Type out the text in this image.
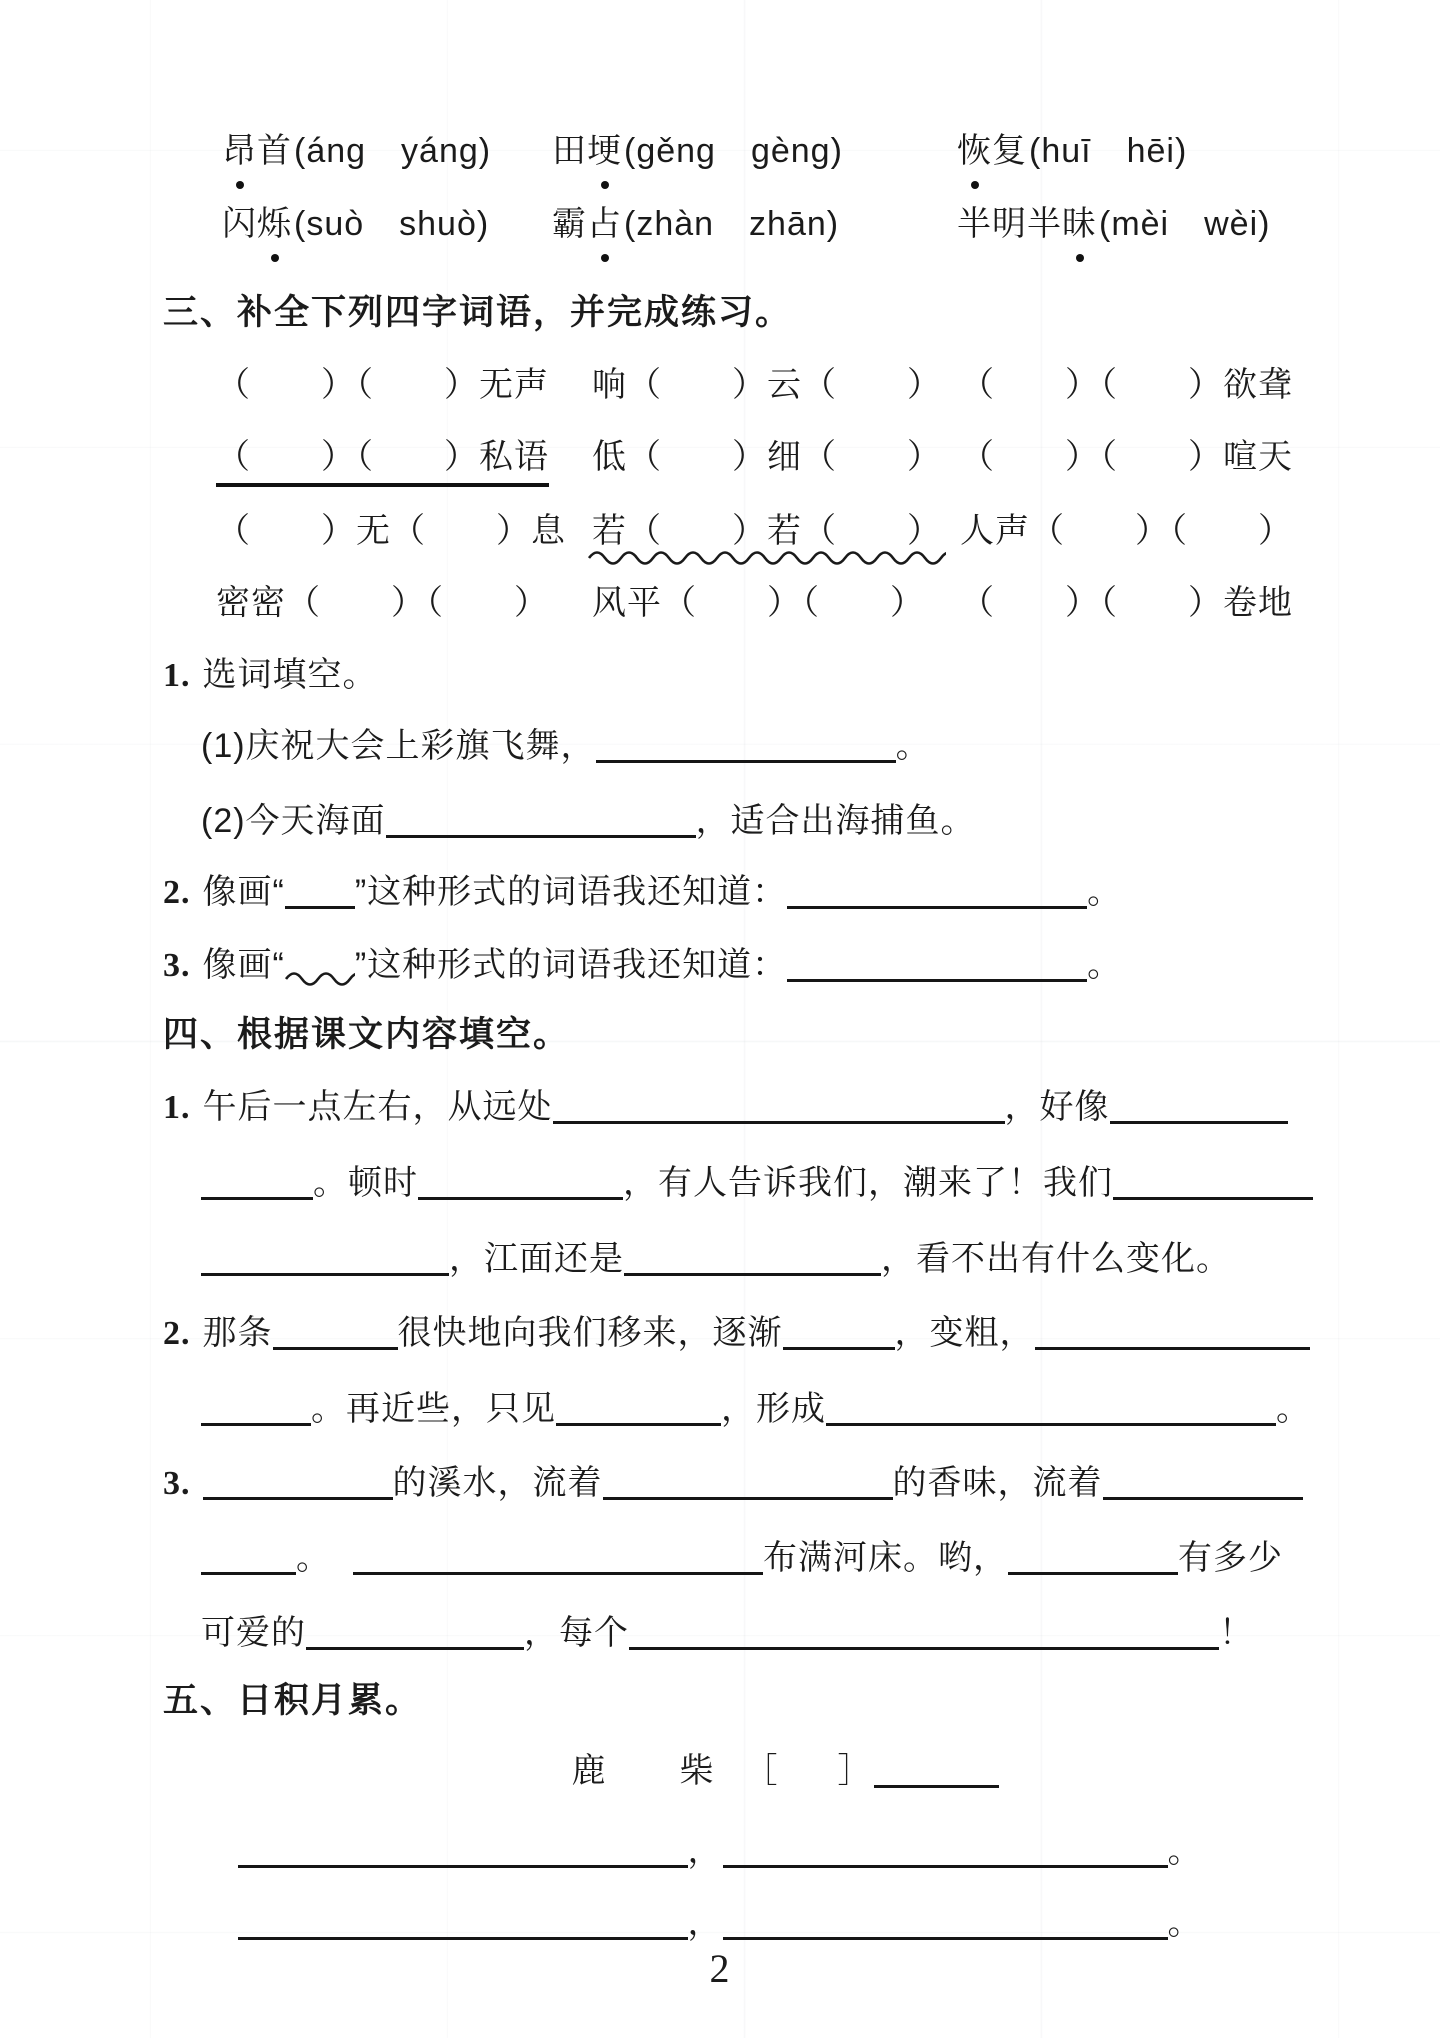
昂首(áng　yáng) 田埂(gěng　gèng)	恢复(huī　hēi)
闪烁(suò　shuò) 霸占(zhàn　zhān)	半明半昧(mèi　wèi)
三、补全下列四字词语，并完成练习。
（　　）（　　）无声 响（　　）云（　　） （　　）（　　）欲聋
（　　）（　　）私语 低（　　）细（　　） （　　）（　　）喧天
（　　）无（　　）息 若（　　）若（　　） 人声（　　）（　　）
密密（　　）（　　） 风平（　　）（　　） （　　）（　　）卷地
1. 选词填空。
(1)庆祝大会上彩旗飞舞，	。
(2)今天海面	，适合出海捕鱼。
2. 像画“ ”这种形式的词语我还知道：	。
3. 像画“ ”这种形式的词语我还知道：	。
四、根据课文内容填空。
1. 午后一点左右，从远处	，好像
。顿时	，有人告诉我们，潮来了！我们
，江面还是	，看不出有什么变化。
2. 那条	很快地向我们移来，逐渐	，变粗，
。再近些，只见	，形成	。
3.	的溪水，流着	的香味，流着
。	布满河床。哟，	有多少
可爱的	，每个	！
五、日积月累。
鹿　　柴 ［ ］
，	。
，	。
2
